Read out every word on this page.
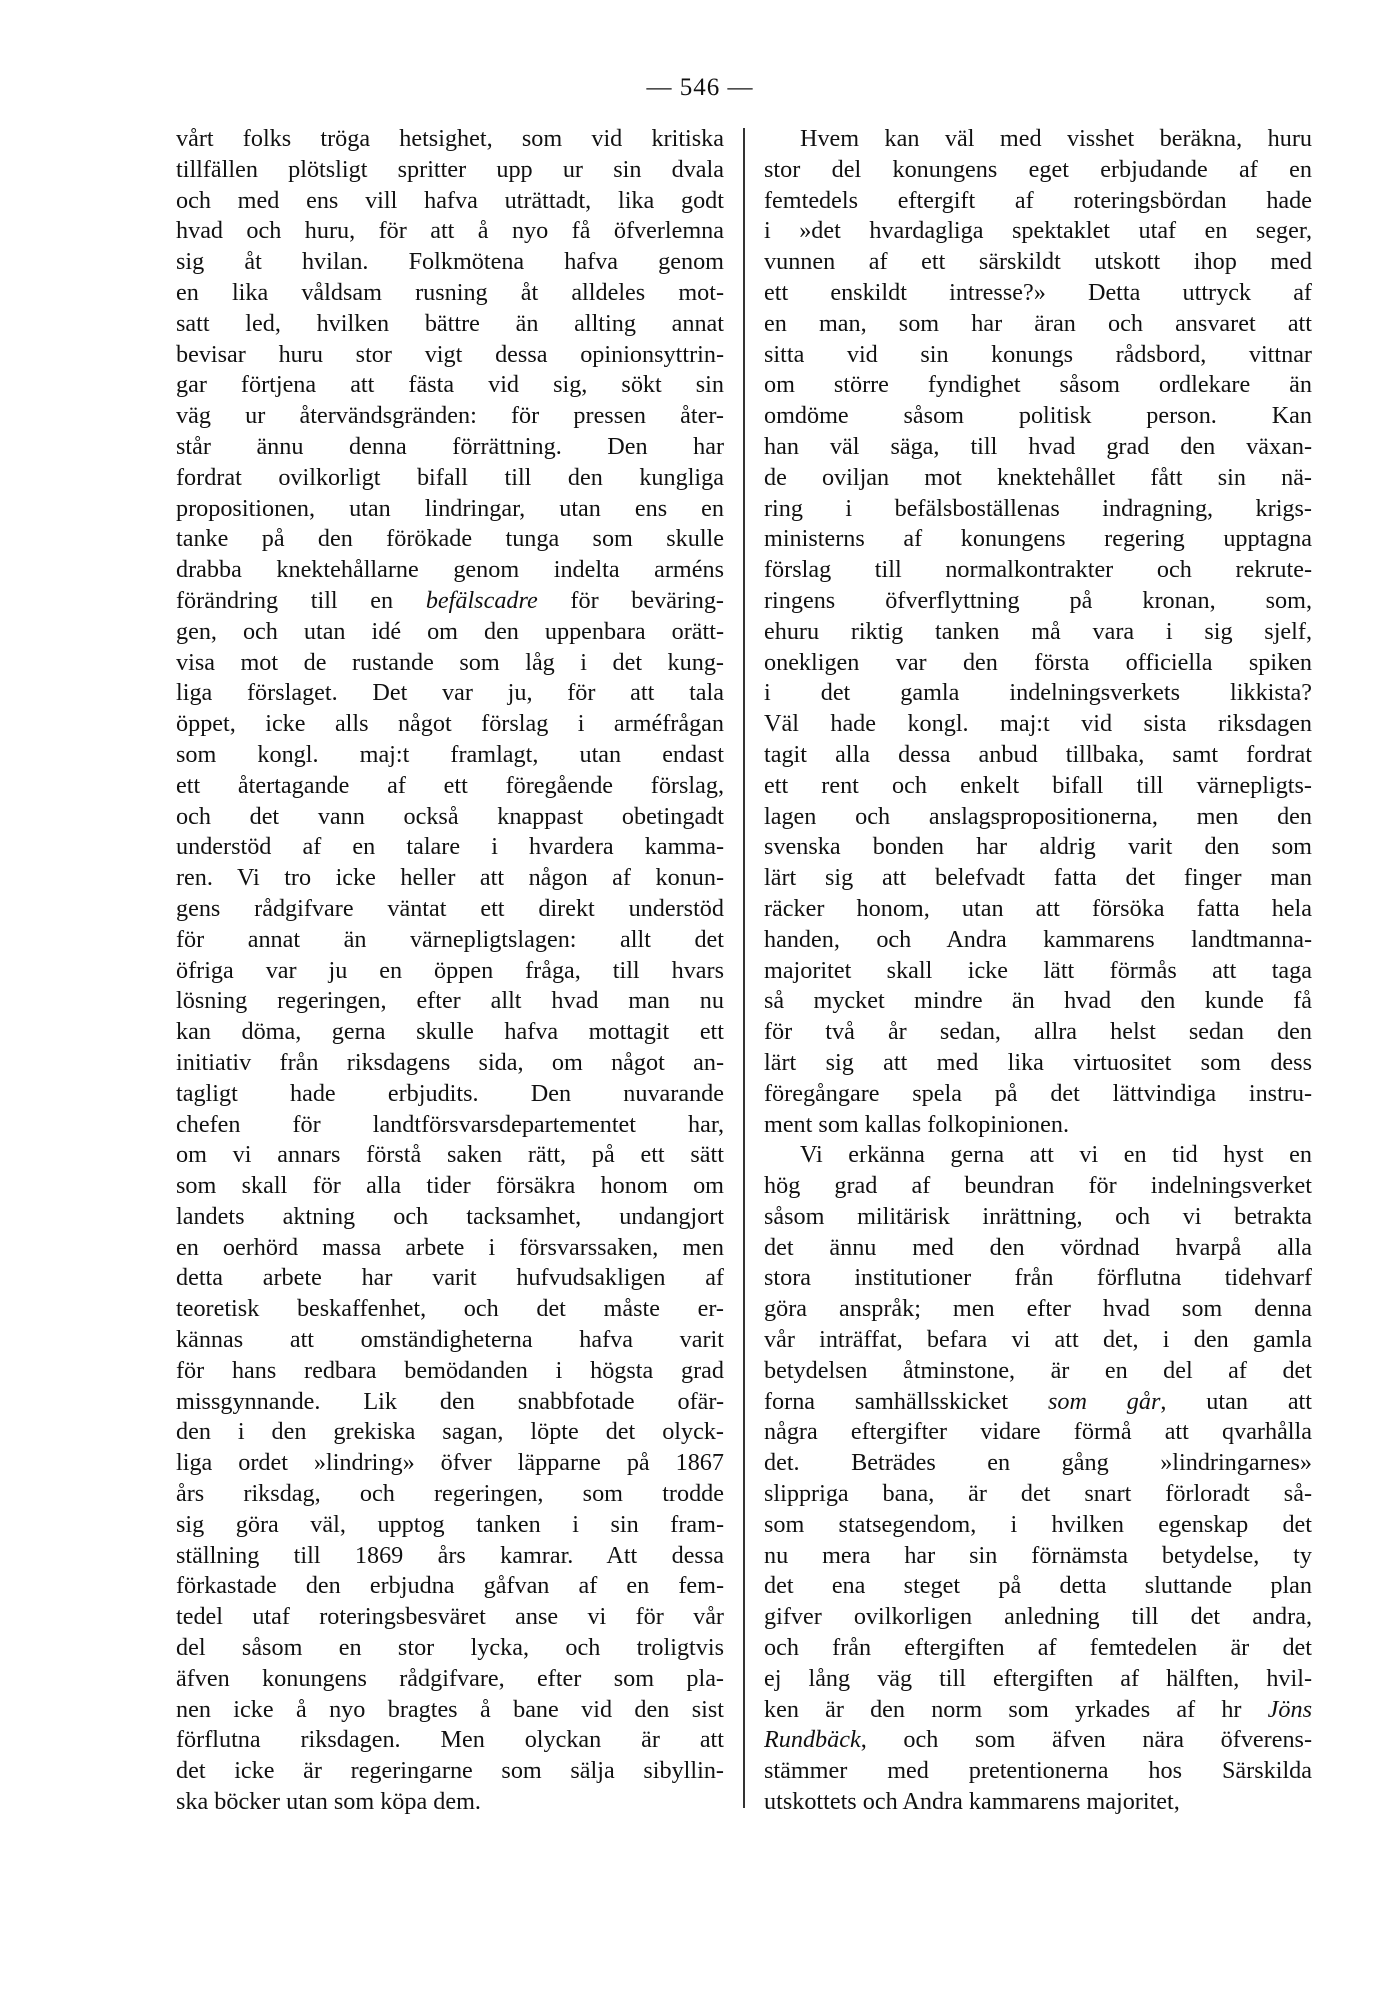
— 546 —
vårt folks tröga hetsighet, som vid kritiska
tillfällen plötsligt spritter upp ur sin dvala
och med ens vill hafva uträttadt, lika godt
hvad och huru, för att å nyo få öfverlemna
sig åt hvilan. Folkmötena hafva genom
en lika våldsam rusning åt alldeles mot-
satt led, hvilken bättre än allting annat
bevisar huru stor vigt dessa opinionsyttrin-
gar förtjena att fästa vid sig, sökt sin
väg ur återvändsgränden: för pressen åter-
står ännu denna förrättning. Den har
fordrat ovilkorligt bifall till den kungliga
propositionen, utan lindringar, utan ens en
tanke på den förökade tunga som skulle
drabba knektehållarne genom indelta arméns
förändring till en befälscadre för beväring-
gen, och utan idé om den uppenbara orätt-
visa mot de rustande som låg i det kung-
liga förslaget. Det var ju, för att tala
öppet, icke alls något förslag i arméfrågan
som kongl. maj:t framlagt, utan endast
ett återtagande af ett föregående förslag,
och det vann också knappast obetingadt
understöd af en talare i hvardera kamma-
ren. Vi tro icke heller att någon af konun-
gens rådgifvare väntat ett direkt understöd
för annat än värnepligtslagen: allt det
öfriga var ju en öppen fråga, till hvars
lösning regeringen, efter allt hvad man nu
kan döma, gerna skulle hafva mottagit ett
initiativ från riksdagens sida, om något an-
tagligt hade erbjudits. Den nuvarande
chefen för landtförsvarsdepartementet har,
om vi annars förstå saken rätt, på ett sätt
som skall för alla tider försäkra honom om
landets aktning och tacksamhet, undangjort
en oerhörd massa arbete i försvarssaken, men
detta arbete har varit hufvudsakligen af
teoretisk beskaffenhet, och det måste er-
kännas att omständigheterna hafva varit
för hans redbara bemödanden i högsta grad
missgynnande. Lik den snabbfotade ofär-
den i den grekiska sagan, löpte det olyck-
liga ordet »lindring» öfver läpparne på 1867
års riksdag, och regeringen, som trodde
sig göra väl, upptog tanken i sin fram-
ställning till 1869 års kamrar. Att dessa
förkastade den erbjudna gåfvan af en fem-
tedel utaf roteringsbesväret anse vi för vår
del såsom en stor lycka, och troligtvis
äfven konungens rådgifvare, efter som pla-
nen icke å nyo bragtes å bane vid den sist
förflutna riksdagen. Men olyckan är att
det icke är regeringarne som sälja sibyllin-
ska böcker utan som köpa dem.
Hvem kan väl med visshet beräkna, huru
stor del konungens eget erbjudande af en
femtedels eftergift af roteringsbördan hade
i »det hvardagliga spektaklet utaf en seger,
vunnen af ett särskildt utskott ihop med
ett enskildt intresse?» Detta uttryck af
en man, som har äran och ansvaret att
sitta vid sin konungs rådsbord, vittnar
om större fyndighet såsom ordlekare än
omdöme såsom politisk person. Kan
han väl säga, till hvad grad den växan-
de oviljan mot knektehållet fått sin nä-
ring i befälsboställenas indragning, krigs-
ministerns af konungens regering upptagna
förslag till normalkontrakter och rekrute-
ringens öfverflyttning på kronan, som,
ehuru riktig tanken må vara i sig sjelf,
onekligen var den första officiella spiken
i det gamla indelningsverkets likkista?
Väl hade kongl. maj:t vid sista riksdagen
tagit alla dessa anbud tillbaka, samt fordrat
ett rent och enkelt bifall till värnepligts-
lagen och anslagspropositionerna, men den
svenska bonden har aldrig varit den som
lärt sig att belefvadt fatta det finger man
räcker honom, utan att försöka fatta hela
handen, och Andra kammarens landtmanna-
majoritet skall icke lätt förmås att taga
så mycket mindre än hvad den kunde få
för två år sedan, allra helst sedan den
lärt sig att med lika virtuositet som dess
föregångare spela på det lättvindiga instru-
ment som kallas folkopinionen.
Vi erkänna gerna att vi en tid hyst en
hög grad af beundran för indelningsverket
såsom militärisk inrättning, och vi betrakta
det ännu med den vördnad hvarpå alla
stora institutioner från förflutna tidehvarf
göra anspråk; men efter hvad som denna
vår inträffat, befara vi att det, i den gamla
betydelsen åtminstone, är en del af det
forna samhällsskicket som går, utan att
några eftergifter vidare förmå att qvarhålla
det. Beträdes en gång »lindringarnes»
slippriga bana, är det snart förloradt så-
som statsegendom, i hvilken egenskap det
nu mera har sin förnämsta betydelse, ty
det ena steget på detta sluttande plan
gifver ovilkorligen anledning till det andra,
och från eftergiften af femtedelen är det
ej lång väg till eftergiften af hälften, hvil-
ken är den norm som yrkades af hr Jöns
Rundbäck, och som äfven nära öfverens-
stämmer med pretentionerna hos Särskilda
utskottets och Andra kammarens majoritet,
